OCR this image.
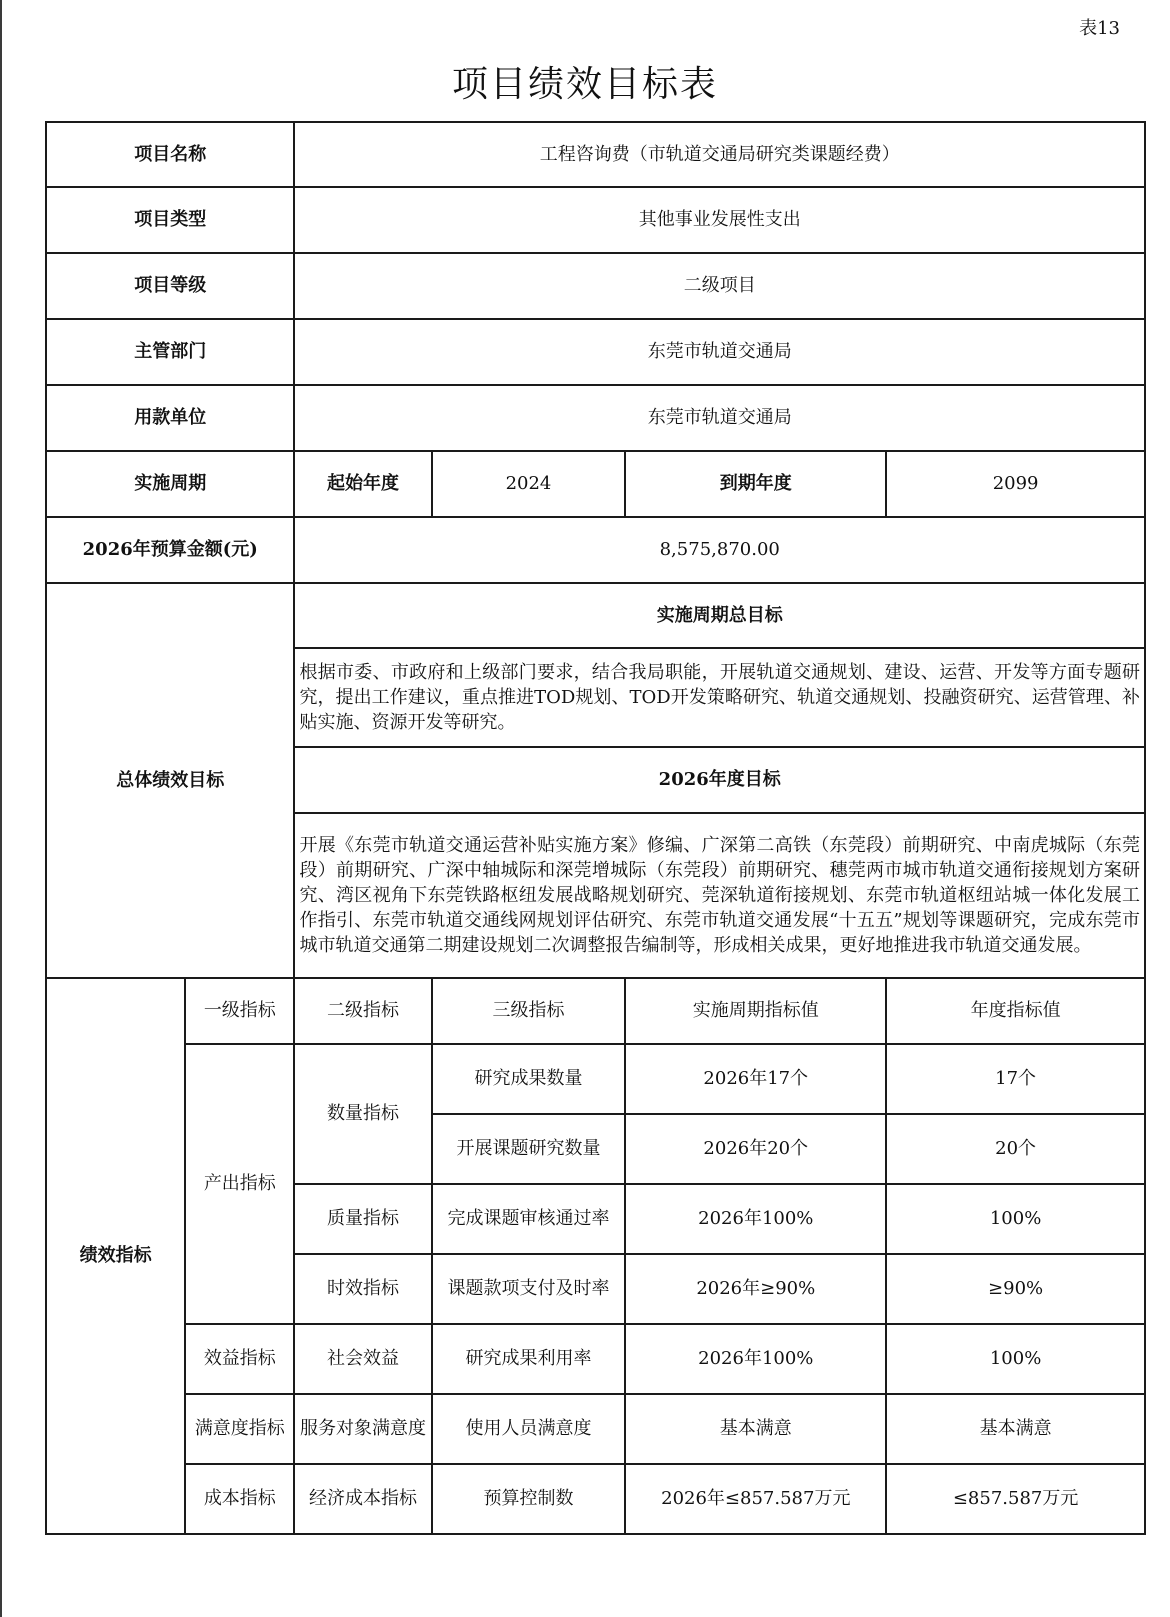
表13
项目绩效目标表
项目名称		工程咨询费（市轨道交通局研究类课题经费）			
项目类型		其他事业发展性支出			
项目等级		二级项目			
主管部门		东莞市轨道交通局			
用款单位		东莞市轨道交通局			
实施周期		起始年度	2024	到期年度	2099
2026年预算金额(元)		8,575,870.00			
总体绩效目标		实施周期总目标			
		根据市委、市政府和上级部门要求，结合我局职能，开展轨道交通规划、建设、运营、开发等方面专题研究，提出工作建议，重点推进TOD规划、TOD开发策略研究、轨道交通规划、投融资研究、运营管理、补贴实施、资源开发等研究。			
		2026年度目标			
		开展《东莞市轨道交通运营补贴实施方案》修编、广深第二高铁（东莞段）前期研究、中南虎城际（东莞段）前期研究、广深中轴城际和深莞增城际（东莞段）前期研究、穗莞两市城市轨道交通衔接规划方案研究、湾区视角下东莞铁路枢纽发展战略规划研究、莞深轨道衔接规划、东莞市轨道枢纽站城一体化发展工作指引、东莞市轨道交通线网规划评估研究、东莞市轨道交通发展“十五五”规划等课题研究，完成东莞市城市轨道交通第二期建设规划二次调整报告编制等，形成相关成果，更好地推进我市轨道交通发展。			
绩效指标	一级指标	二级指标	三级指标	实施周期指标值	年度指标值
	产出指标	数量指标	研究成果数量	2026年17个	17个
			开展课题研究数量	2026年20个	20个
		质量指标	完成课题审核通过率	2026年100%	100%
		时效指标	课题款项支付及时率	2026年≥90%	≥90%
	效益指标	社会效益	研究成果利用率	2026年100%	100%
	满意度指标	服务对象满意度	使用人员满意度	基本满意	基本满意
	成本指标	经济成本指标	预算控制数	2026年≤857.587万元	≤857.587万元
